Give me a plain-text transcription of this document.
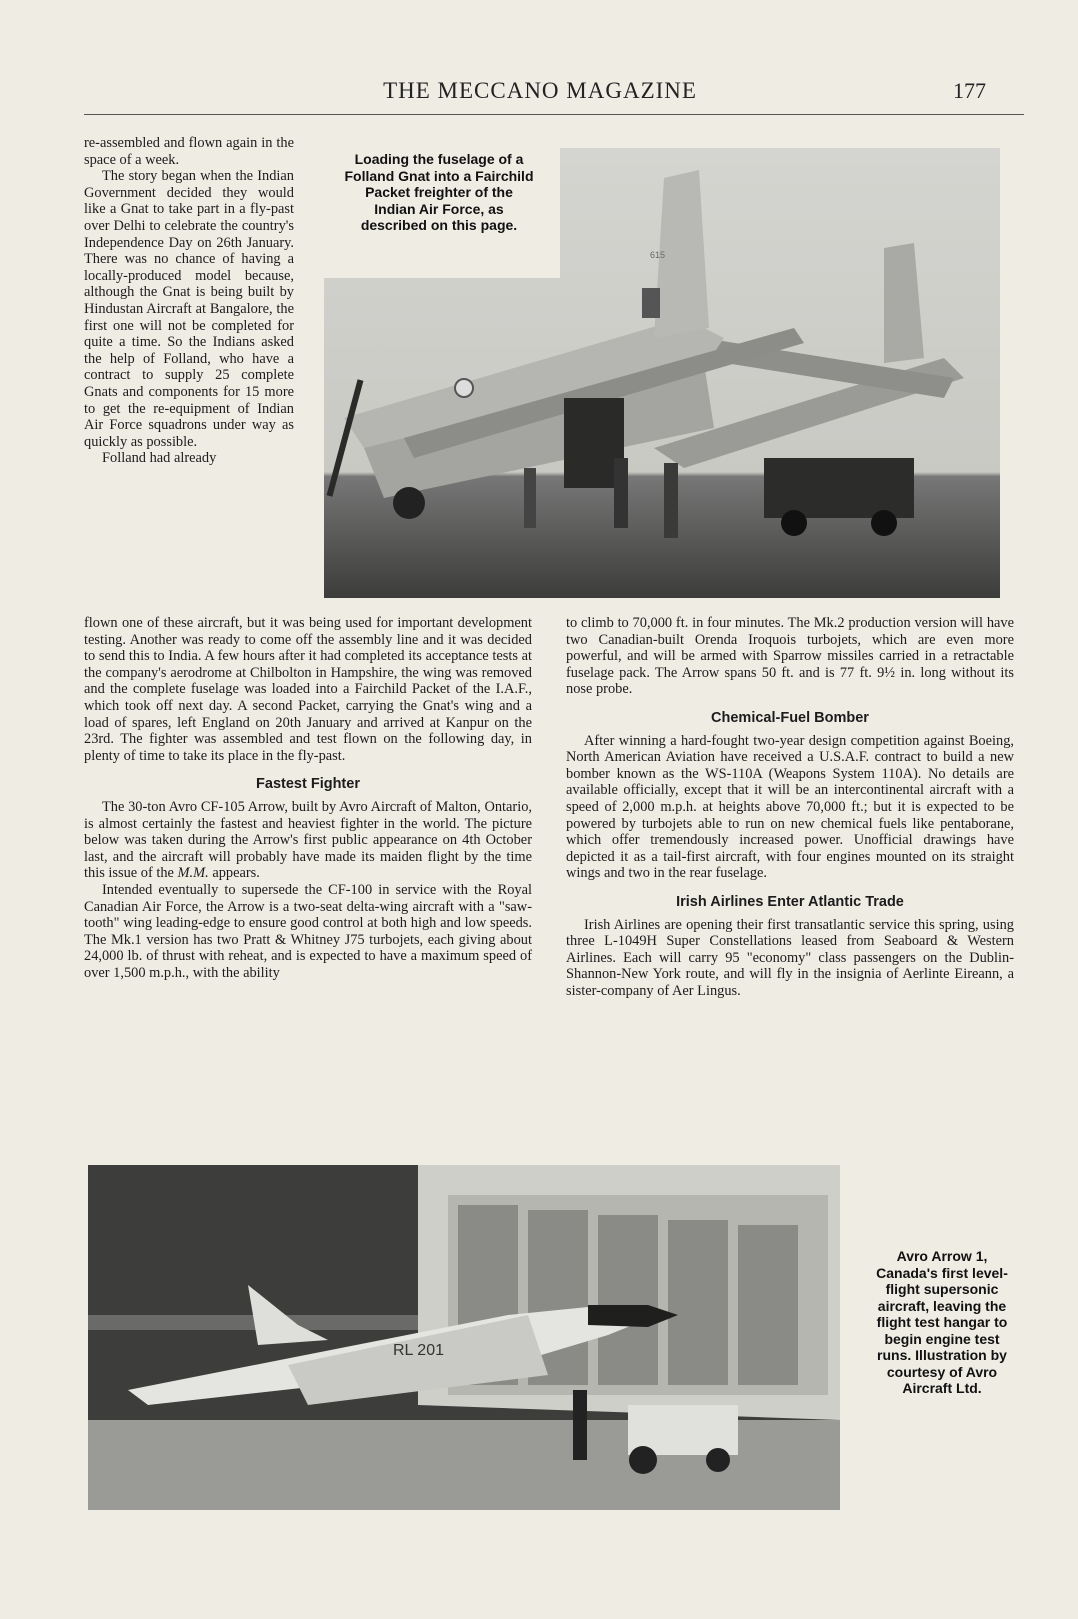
THE MECCANO MAGAZINE	177
615
Loading the fuselage of a Folland Gnat into a Fairchild Packet freighter of the Indian Air Force, as described on this page.

re-assembled and flown again in the space of a week.

The story began when the Indian Government decided they would like a Gnat to take part in a fly-past over Delhi to celebrate the country's Independence Day on 26th January. There was no chance of having a locally-produced model because, although the Gnat is being built by Hindustan Aircraft at Bangalore, the first one will not be completed for quite a time. So the Indians asked the help of Folland, who have a contract to supply 25 complete Gnats and components for 15 more to get the re-equipment of Indian Air Force squadrons under way as quickly as possible.

Folland had already

flown one of these aircraft, but it was being used for important development testing. Another was ready to come off the assembly line and it was decided to send this to India. A few hours after it had completed its acceptance tests at the company's aerodrome at Chilbolton in Hampshire, the wing was removed and the complete fuselage was loaded into a Fairchild Packet of the I.A.F., which took off next day. A second Packet, carrying the Gnat's wing and a load of spares, left England on 20th January and arrived at Kanpur on the 23rd. The fighter was assembled and test flown on the following day, in plenty of time to take its place in the fly-past.

Fastest Fighter

The 30-ton Avro CF-105 Arrow, built by Avro Aircraft of Malton, Ontario, is almost certainly the fastest and heaviest fighter in the world. The picture below was taken during the Arrow's first public appearance on 4th October last, and the aircraft will probably have made its maiden flight by the time this issue of the M.M. appears.

Intended eventually to supersede the CF-100 in service with the Royal Canadian Air Force, the Arrow is a two-seat delta-wing aircraft with a "saw-tooth" wing leading-edge to ensure good control at both high and low speeds. The Mk.1 version has two Pratt & Whitney J75 turbojets, each giving about 24,000 lb. of thrust with reheat, and is expected to have a maximum speed of over 1,500 m.p.h., with the ability

to climb to 70,000 ft. in four minutes. The Mk.2 production version will have two Canadian-built Orenda Iroquois turbojets, which are even more powerful, and will be armed with Sparrow missiles carried in a retractable fuselage pack. The Arrow spans 50 ft. and is 77 ft. 9½ in. long without its nose probe.

Chemical-Fuel Bomber

After winning a hard-fought two-year design competition against Boeing, North American Aviation have received a U.S.A.F. contract to build a new bomber known as the WS-110A (Weapons System 110A). No details are available officially, except that it will be an intercontinental aircraft with a speed of 2,000 m.p.h. at heights above 70,000 ft.; but it is expected to be powered by turbojets able to run on new chemical fuels like pentaborane, which offer tremendously increased power. Unofficial drawings have depicted it as a tail-first aircraft, with four engines mounted on its straight wings and two in the rear fuselage.

Irish Airlines Enter Atlantic Trade

Irish Airlines are opening their first transatlantic service this spring, using three L-1049H Super Constellations leased from Seaboard & Western Airlines. Each will carry 95 "economy" class passengers on the Dublin-Shannon-New York route, and will fly in the insignia of Aerlinte Eireann, a sister-company of Aer Lingus.

RL 201
Avro Arrow 1, Canada's first level-flight supersonic aircraft, leaving the flight test hangar to begin engine test runs. Illustration by courtesy of Avro Aircraft Ltd.
